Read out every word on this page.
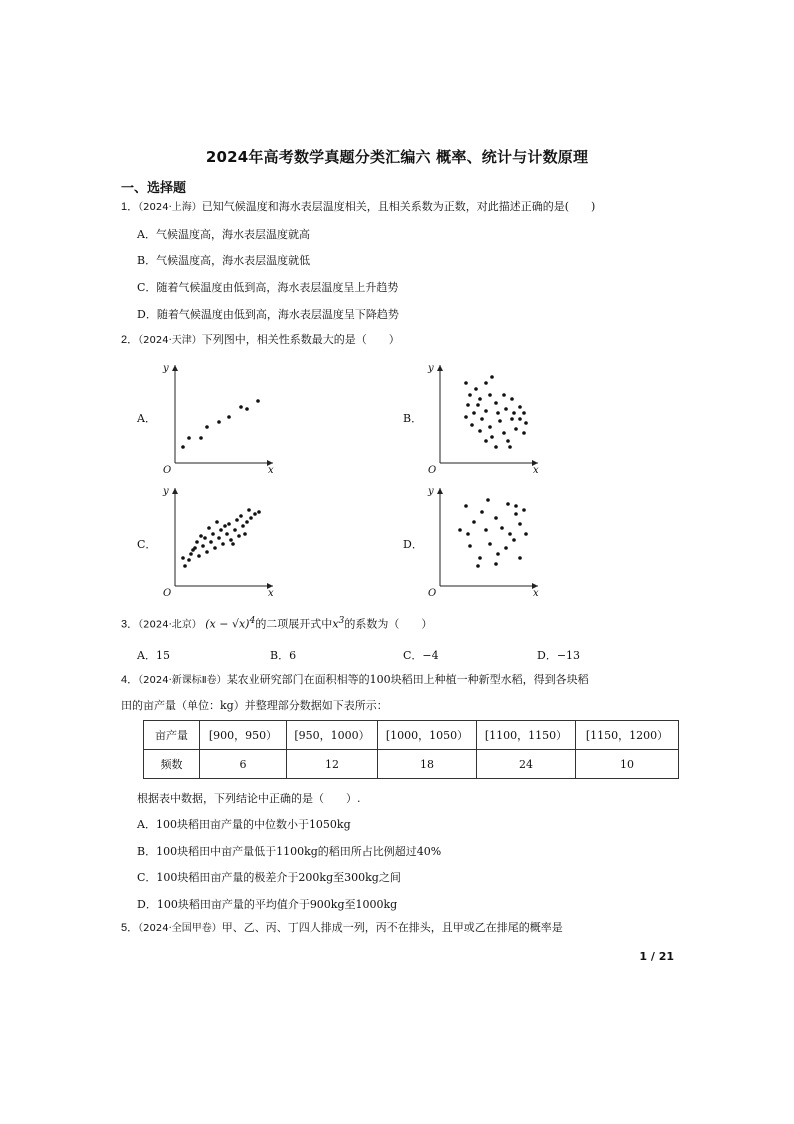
2024年高考数学真题分类汇编六 概率、统计与计数原理
一、选择题
1．（2024·上海）已知气候温度和海水表层温度相关，且相关系数为正数，对此描述正确的是(　　)
A．气候温度高，海水表层温度就高
B．气候温度高，海水表层温度就低
C．随着气候温度由低到高，海水表层温度呈上升趋势
D．随着气候温度由低到高，海水表层温度呈下降趋势
2．（2024·天津）下列图中，相关性系数最大的是（　　）
A．	B．
C．	D．
y
x
O
y
x
O
y
x
O
y
x
O
3．（2024·北京） $(x - √x)^4$的二项展开式中$x^3$的系数为（　　）
A．15	B．6	C．−4	D．−13
4．（2024·新课标Ⅱ卷）某农业研究部门在面积相等的100块稻田上种植一种新型水稻，得到各块稻
田的亩产量（单位：kg）并整理部分数据如下表所示：
亩产量	[900，950）	[950，1000）	[1000，1050）	[1100，1150）	[1150，1200）
频数	6	12	18	24	10
根据表中数据，下列结论中正确的是（　　）.
A．100块稻田亩产量的中位数小于1050kg
B．100块稻田中亩产量低于1100kg的稻田所占比例超过40%
C．100块稻田亩产量的极差介于200kg至300kg之间
D．100块稻田亩产量的平均值介于900kg至1000kg
5．（2024·全国甲卷）甲、乙、丙、丁四人排成一列，丙不在排头，且甲或乙在排尾的概率是
1 / 21
